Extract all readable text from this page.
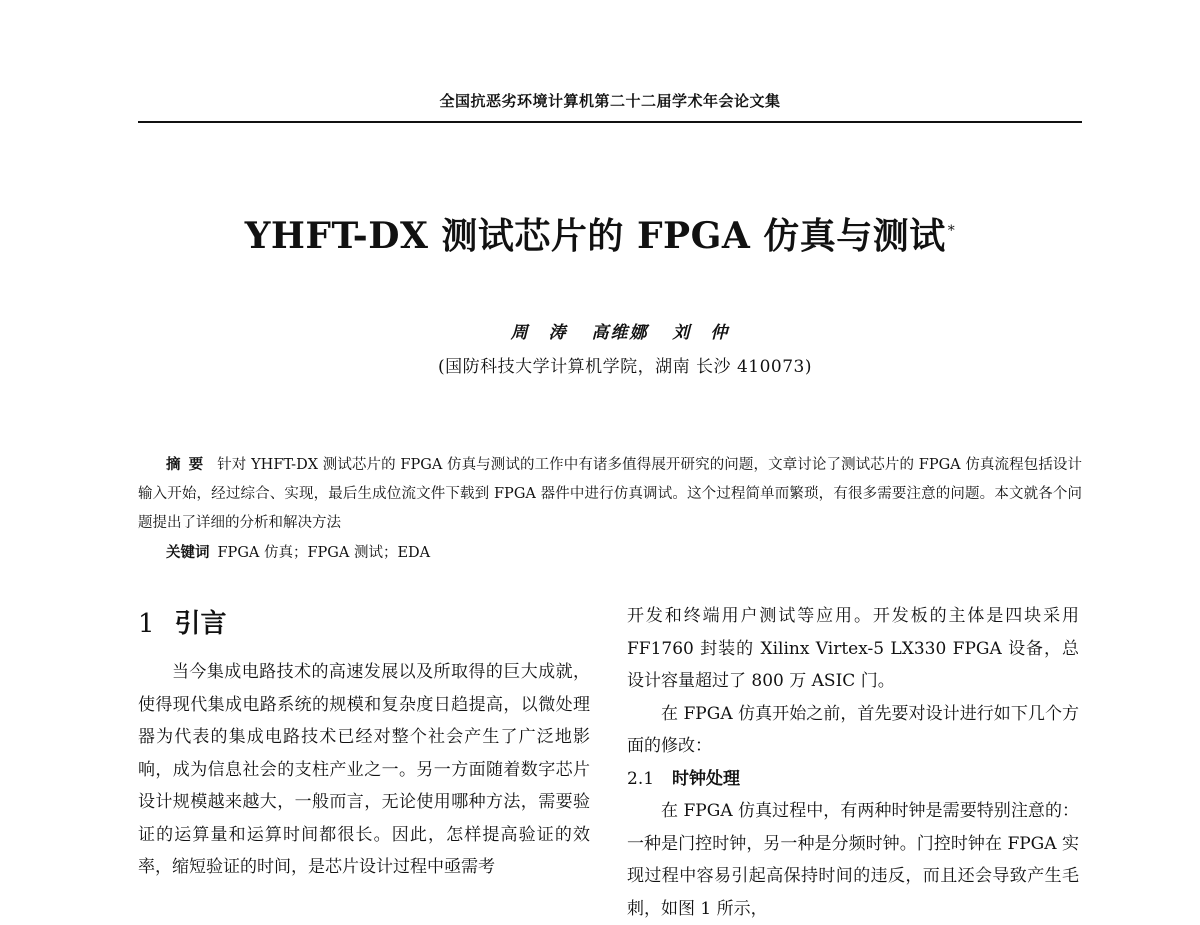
全国抗恶劣环境计算机第二十二届学术年会论文集
YHFT-DX 测试芯片的 FPGA 仿真与测试 *
周　涛 高维娜 刘　仲
(国防科技大学计算机学院，湖南 长沙 410073)

摘要 针对 YHFT-DX 测试芯片的 FPGA 仿真与测试的工作中有诸多值得展开研究的问题，文章讨论了测试芯片的 FPGA 仿真流程包括设计输入开始，经过综合、实现，最后生成位流文件下载到 FPGA 器件中进行仿真调试。这个过程简单而繁琐，有很多需要注意的问题。本文就各个问题提出了详细的分析和解决方法

关键词 FPGA 仿真；FPGA 测试；EDA

1 引言

当今集成电路技术的高速发展以及所取得的巨大成就，使得现代集成电路系统的规模和复杂度日趋提高，以微处理器为代表的集成电路技术已经对整个社会产生了广泛地影响，成为信息社会的支柱产业之一。另一方面随着数字芯片设计规模越来越大，一般而言，无论使用哪种方法，需要验证的运算量和运算时间都很长。因此，怎样提高验证的效率，缩短验证的时间，是芯片设计过程中亟需考

开发和终端用户测试等应用。开发板的主体是四块采用 FF1760 封装的 Xilinx Virtex-5 LX330 FPGA 设备，总设计容量超过了 800 万 ASIC 门。

在 FPGA 仿真开始之前，首先要对设计进行如下几个方面的修改：

2.1 时钟处理

在 FPGA 仿真过程中，有两种时钟是需要特别注意的：一种是门控时钟，另一种是分频时钟。门控时钟在 FPGA 实现过程中容易引起高保持时间的违反，而且还会导致产生毛刺，如图 1 所示，
